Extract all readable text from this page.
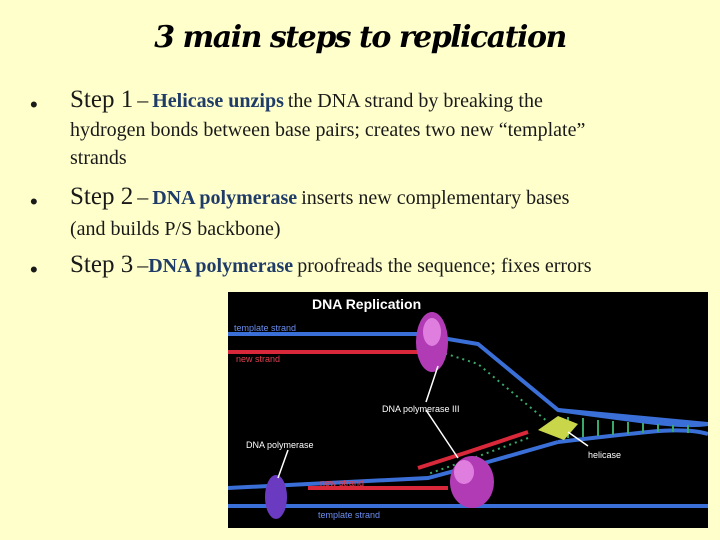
3 main steps to replication
• Step 1 – Helicase unzips the DNA strand by breaking the
hydrogen bonds between base pairs; creates two new “template”
strands
• Step 2 – DNA polymerase inserts new complementary bases
(and builds P/S backbone)
• Step 3 –DNA polymerase proofreads the sequence; fixes errors
DNA Replication
template strand
new strand
DNA polymerase III
DNA polymerase
helicase
new strand
template strand
